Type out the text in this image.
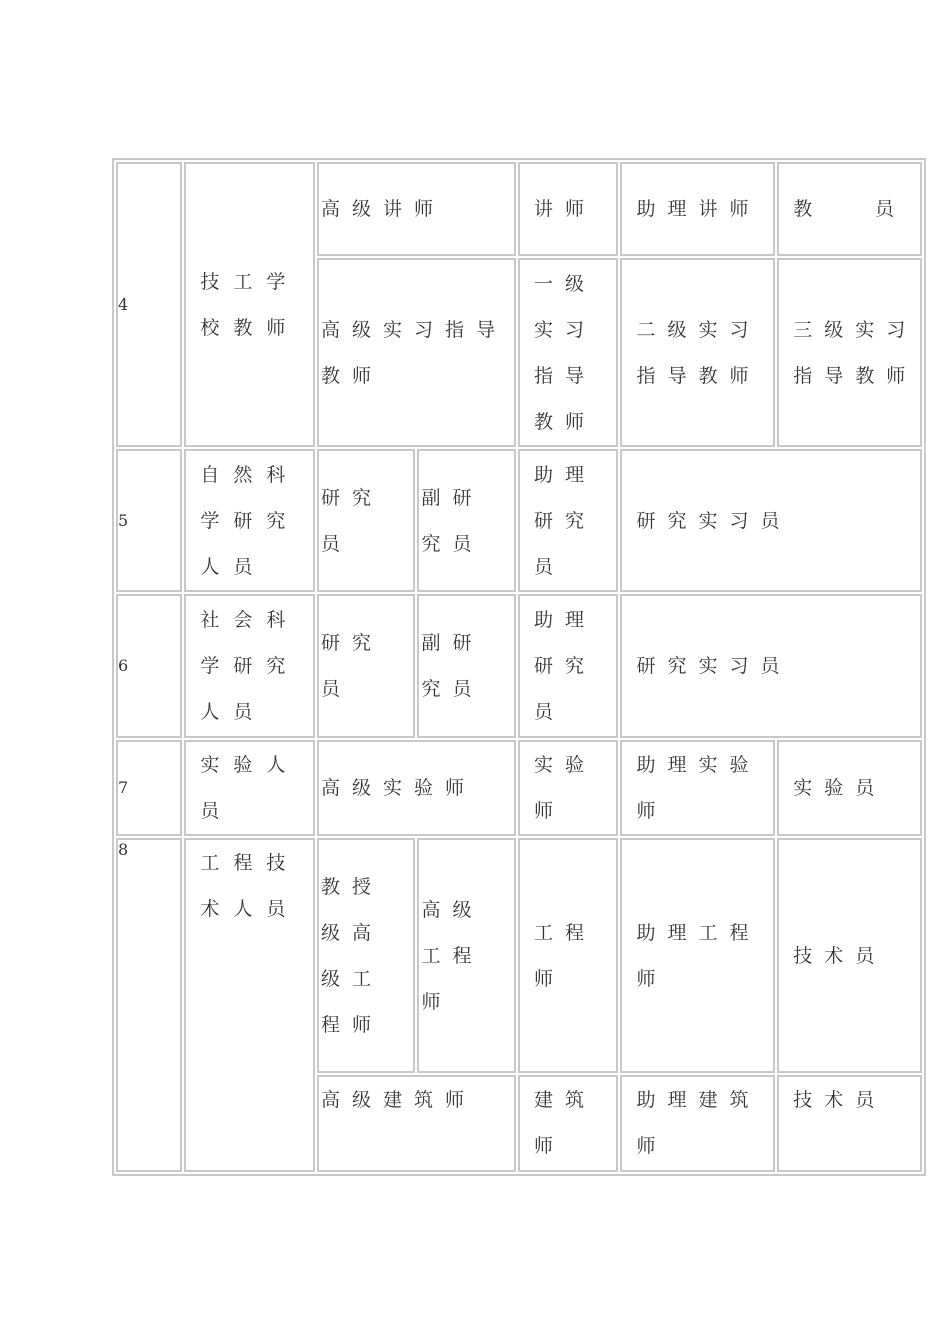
4	技工学校教师	高级讲师		讲师	助理讲师	教 员

		高级实习指导教师		一级实习指导教师	二级实习指导教师	三级实习指导教师
5	自然科学研究人员	研究员	副研究员	助理研究员	研究实习员	
6	社会科学研究人员	研究员	副研究员	助理研究员	研究实习员	
7	实验人员	高级实验师		实验师	助理实验师	实验员
8	工程技术人员	教授级高级工程师	高级工程师	工程师	助理工程师	技术员
		高级建筑师		建筑师	助理建筑师	技术员
